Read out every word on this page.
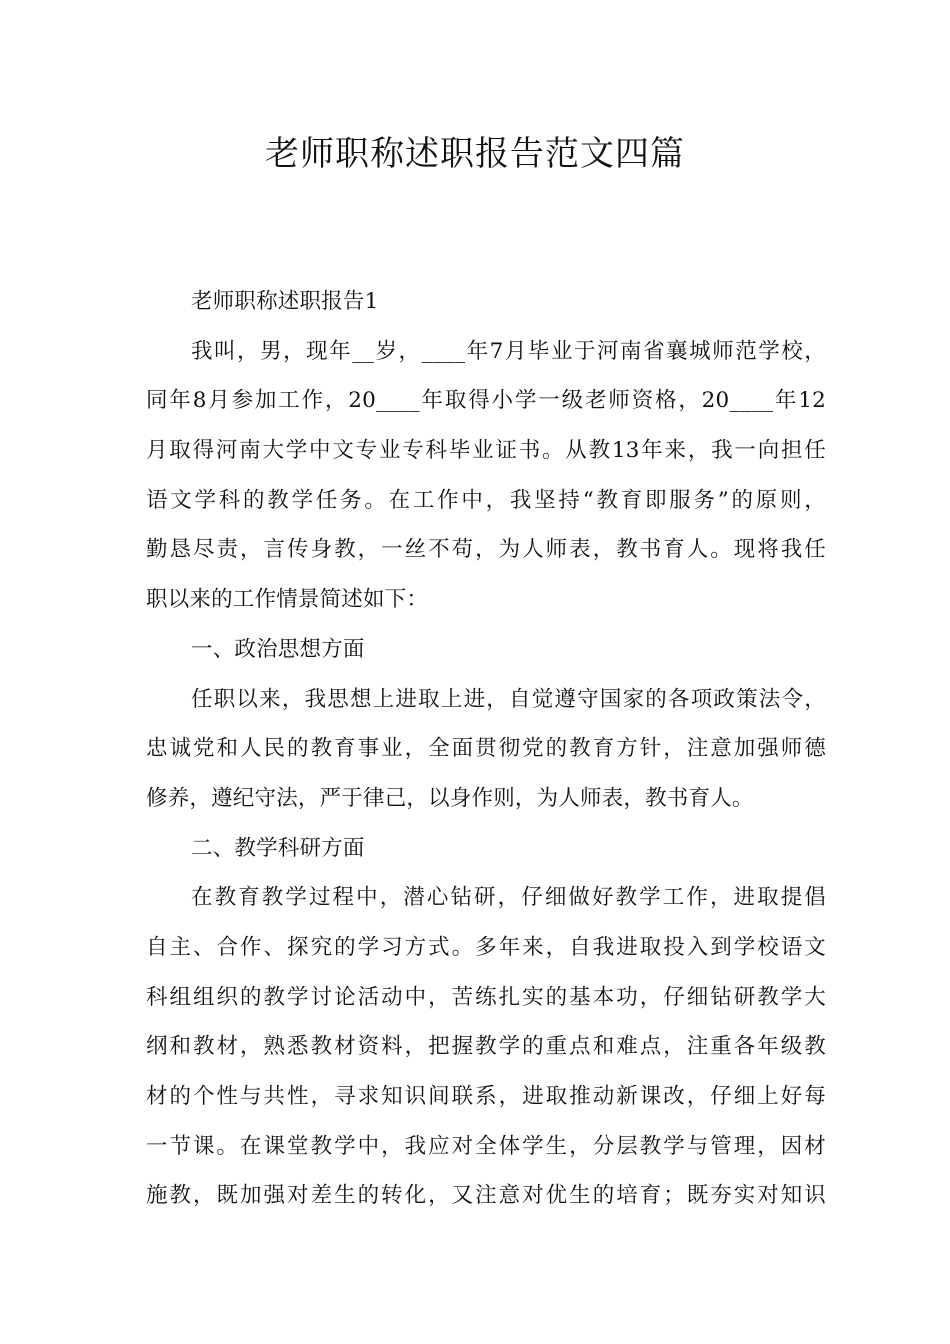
老师职称述职报告范文四篇
老师职称述职报告1
我叫，男，现年__岁，____年7月毕业于河南省襄城师范学校，
同年8月参加工作，20____年取得小学一级老师资格，20____年12
月取得河南大学中文专业专科毕业证书。从教13年来，我一向担任
语文学科的教学任务。在工作中，我坚持“教育即服务”的原则，
勤恳尽责，言传身教，一丝不苟，为人师表，教书育人。现将我任
职以来的工作情景简述如下：
一、政治思想方面
任职以来，我思想上进取上进，自觉遵守国家的各项政策法令，
忠诚党和人民的教育事业，全面贯彻党的教育方针，注意加强师德
修养，遵纪守法，严于律己，以身作则，为人师表，教书育人。
二、教学科研方面
在教育教学过程中，潜心钻研，仔细做好教学工作，进取提倡
自主、合作、探究的学习方式。多年来，自我进取投入到学校语文
科组组织的教学讨论活动中，苦练扎实的基本功，仔细钻研教学大
纲和教材，熟悉教材资料，把握教学的重点和难点，注重各年级教
材的个性与共性，寻求知识间联系，进取推动新课改，仔细上好每
一节课。在课堂教学中，我应对全体学生，分层教学与管理，因材
施教，既加强对差生的转化，又注意对优生的培育；既夯实对知识
